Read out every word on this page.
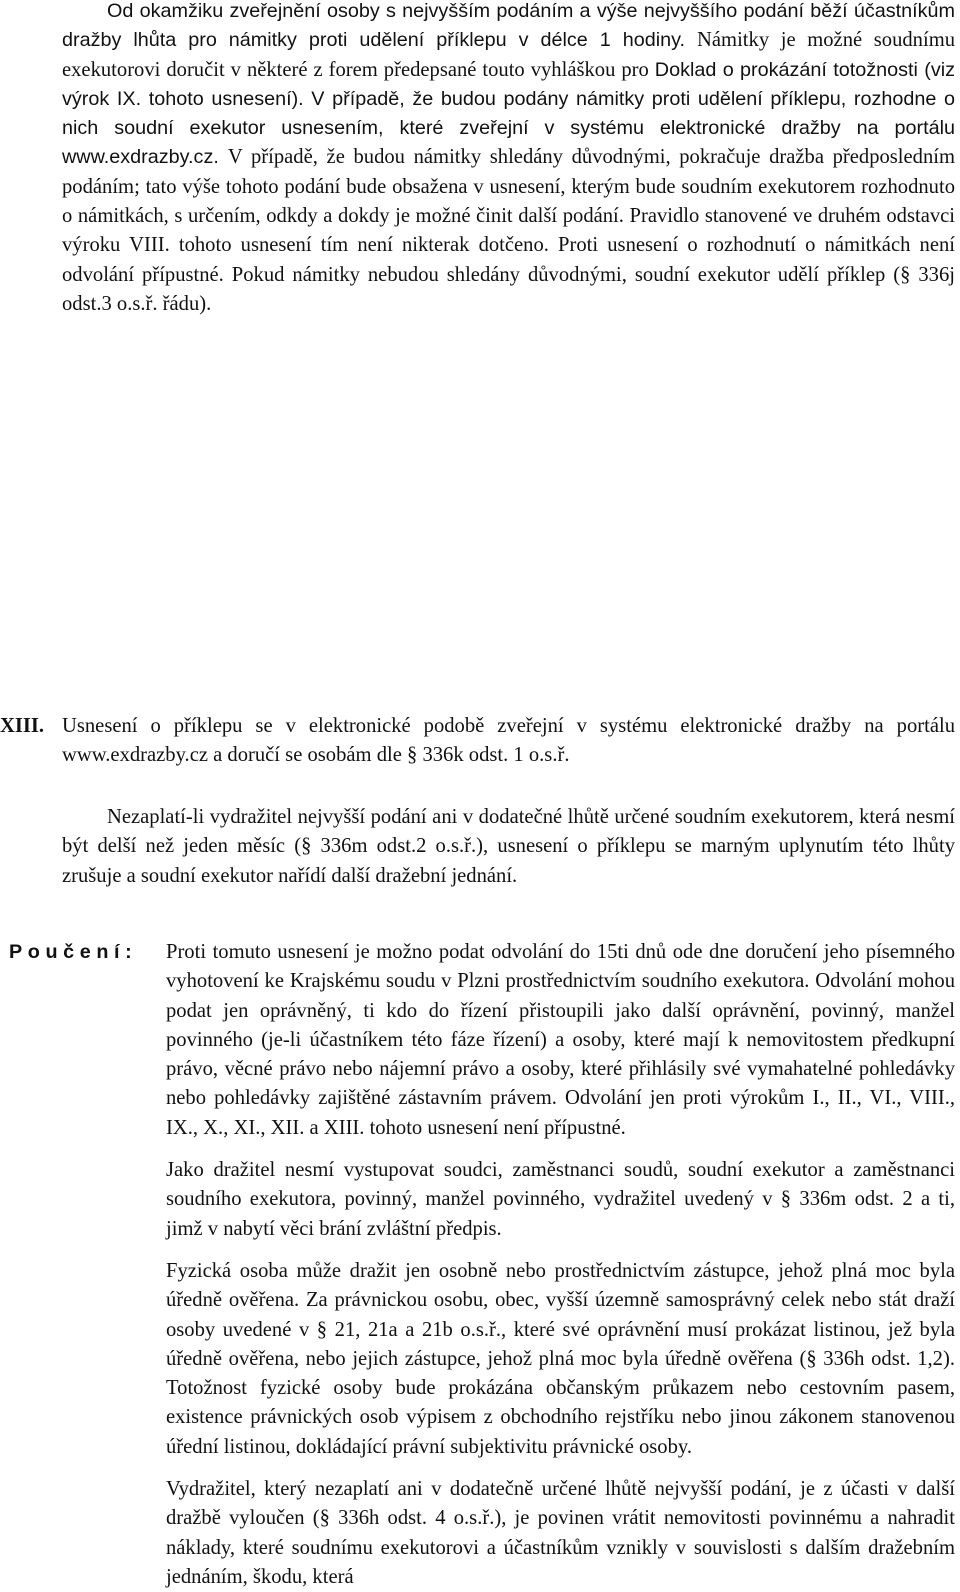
Od okamžiku zveřejnění osoby s nejvyšším podáním a výše nejvyššího podání běží účastníkům dražby lhůta pro námitky proti udělení příklepu v délce 1 hodiny. Námitky je možné soudnímu exekutorovi doručit v některé z forem předepsané touto vyhláškou pro Doklad o prokázání totožnosti (viz výrok IX. tohoto usnesení). V případě, že budou podány námitky proti udělení příklepu, rozhodne o nich soudní exekutor usnesením, které zveřejní v systému elektronické dražby na portálu www.exdrazby.cz. V případě, že budou námitky shledány důvodnými, pokračuje dražba předposledním podáním; tato výše tohoto podání bude obsažena v usnesení, kterým bude soudním exekutorem rozhodnuto o námitkách, s určením, odkdy a dokdy je možné činit další podání. Pravidlo stanovené ve druhém odstavci výroku VIII. tohoto usnesení tím není nikterak dotčeno. Proti usnesení o rozhodnutí o námitkách není odvolání přípustné. Pokud námitky nebudou shledány důvodnými, soudní exekutor udělí příklep (§ 336j odst.3 o.s.ř. řádu).

XIII. Usnesení o příklepu se v elektronické podobě zveřejní v systému elektronické dražby na portálu www.exdrazby.cz a doručí se osobám dle § 336k odst. 1 o.s.ř.

Nezaplatí-li vydražitel nejvyšší podání ani v dodatečné lhůtě určené soudním exekutorem, která nesmí být delší než jeden měsíc (§ 336m odst.2 o.s.ř.), usnesení o příklepu se marným uplynutím této lhůty zrušuje a soudní exekutor nařídí další dražební jednání.

Poučení: Proti tomuto usnesení je možno podat odvolání do 15ti dnů ode dne doručení jeho písemného vyhotovení ke Krajskému soudu v Plzni prostřednictvím soudního exekutora. Odvolání mohou podat jen oprávněný, ti kdo do řízení přistoupili jako další oprávnění, povinný, manžel povinného (je-li účastníkem této fáze řízení) a osoby, které mají k nemovitostem předkupní právo, věcné právo nebo nájemní právo a osoby, které přihlásily své vymahatelné pohledávky nebo pohledávky zajištěné zástavním právem. Odvolání jen proti výrokům I., II., VI., VIII., IX., X., XI., XII. a XIII. tohoto usnesení není přípustné.

Jako dražitel nesmí vystupovat soudci, zaměstnanci soudů, soudní exekutor a zaměstnanci soudního exekutora, povinný, manžel povinného, vydražitel uvedený v § 336m odst. 2 a ti, jimž v nabytí věci brání zvláštní předpis.

Fyzická osoba může dražit jen osobně nebo prostřednictvím zástupce, jehož plná moc byla úředně ověřena. Za právnickou osobu, obec, vyšší územně samosprávný celek nebo stát draží osoby uvedené v § 21, 21a a 21b o.s.ř., které své oprávnění musí prokázat listinou, jež byla úředně ověřena, nebo jejich zástupce, jehož plná moc byla úředně ověřena (§ 336h odst. 1,2). Totožnost fyzické osoby bude prokázána občanským průkazem nebo cestovním pasem, existence právnických osob výpisem z obchodního rejstříku nebo jinou zákonem stanovenou úřední listinou, dokládající právní subjektivitu právnické osoby.

Vydražitel, který nezaplatí ani v dodatečně určené lhůtě nejvyšší podání, je z účasti v další dražbě vyloučen (§ 336h odst. 4 o.s.ř.), je povinen vrátit nemovitosti povinnému a nahradit náklady, které soudnímu exekutorovi a účastníkům vznikly v souvislosti s dalším dražebním jednáním, škodu, která
